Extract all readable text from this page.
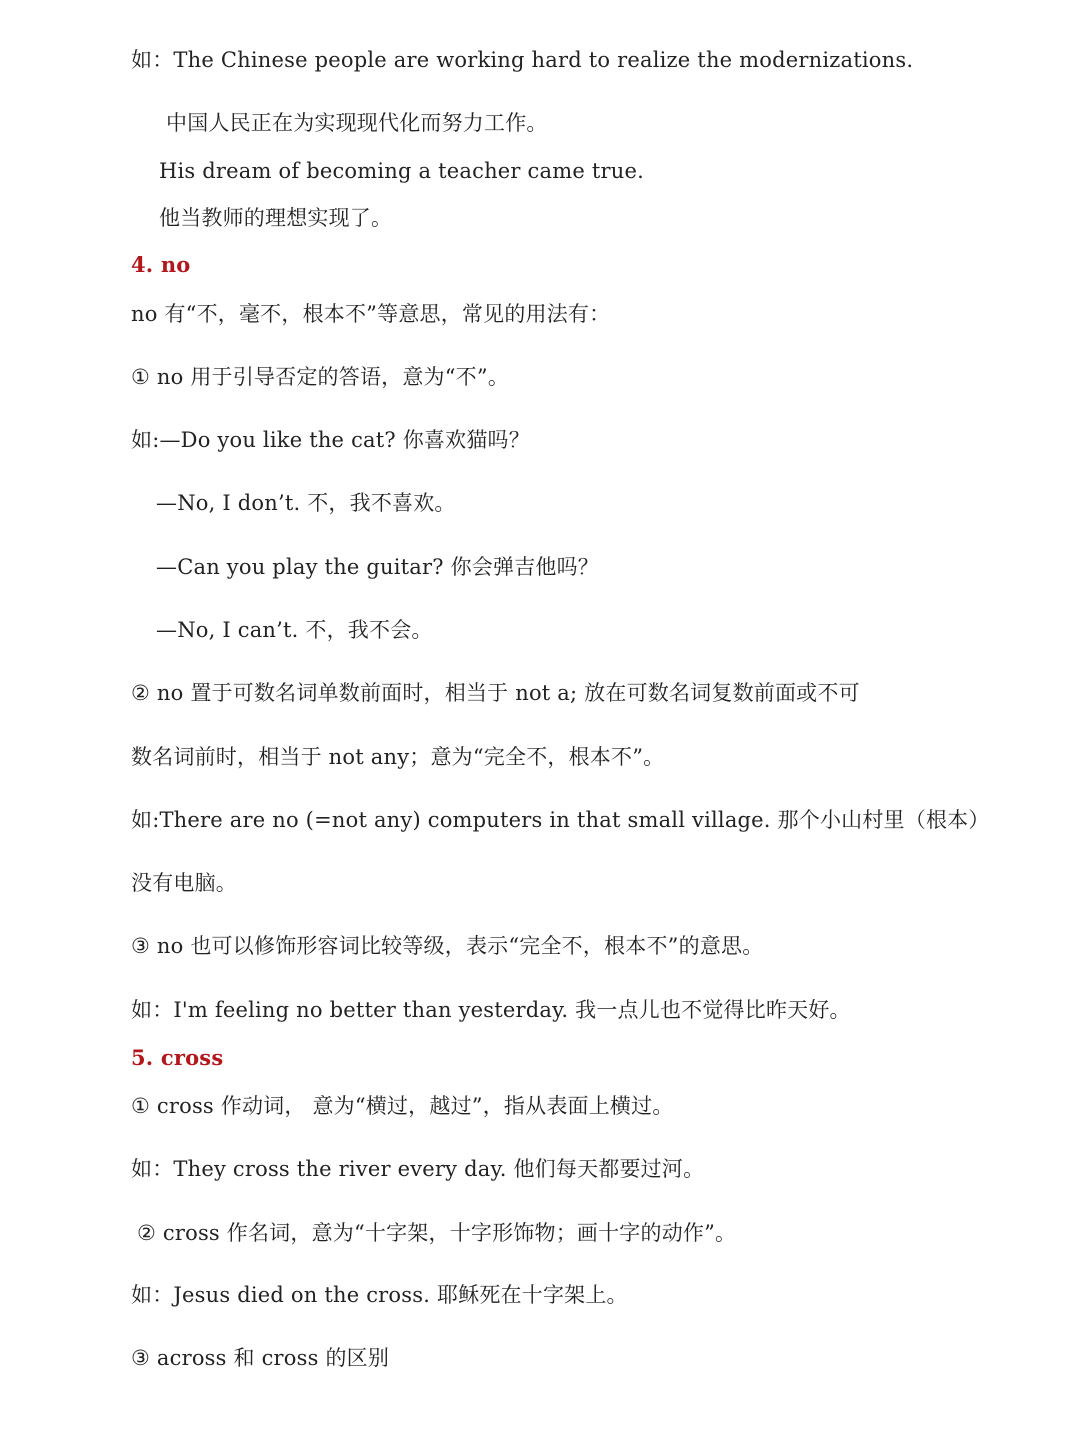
如：The Chinese people are working hard to realize the modernizations.
中国人民正在为实现现代化而努力工作。
His dream of becoming a teacher came true.
他当教师的理想实现了。
4. no
no 有“不，毫不，根本不”等意思，常见的用法有：
① no 用于引导否定的答语，意为“不”。
如:—Do you like the cat? 你喜欢猫吗？
—No, I don’t. 不，我不喜欢。
—Can you play the guitar? 你会弹吉他吗？
—No, I can’t. 不，我不会。
② no 置于可数名词单数前面时，相当于 not a; 放在可数名词复数前面或不可
数名词前时，相当于 not any；意为“完全不，根本不”。
如:There are no (=not any) computers in that small village. 那个小山村里（根本）
没有电脑。
③ no 也可以修饰形容词比较等级，表示“完全不，根本不”的意思。
如：I'm feeling no better than yesterday. 我一点儿也不觉得比昨天好。
5. cross
① cross 作动词， 意为“横过，越过”，指从表面上横过。
如：They cross the river every day. 他们每天都要过河。
② cross 作名词，意为“十字架，十字形饰物；画十字的动作”。
如：Jesus died on the cross. 耶稣死在十字架上。
③ across 和 cross 的区别
